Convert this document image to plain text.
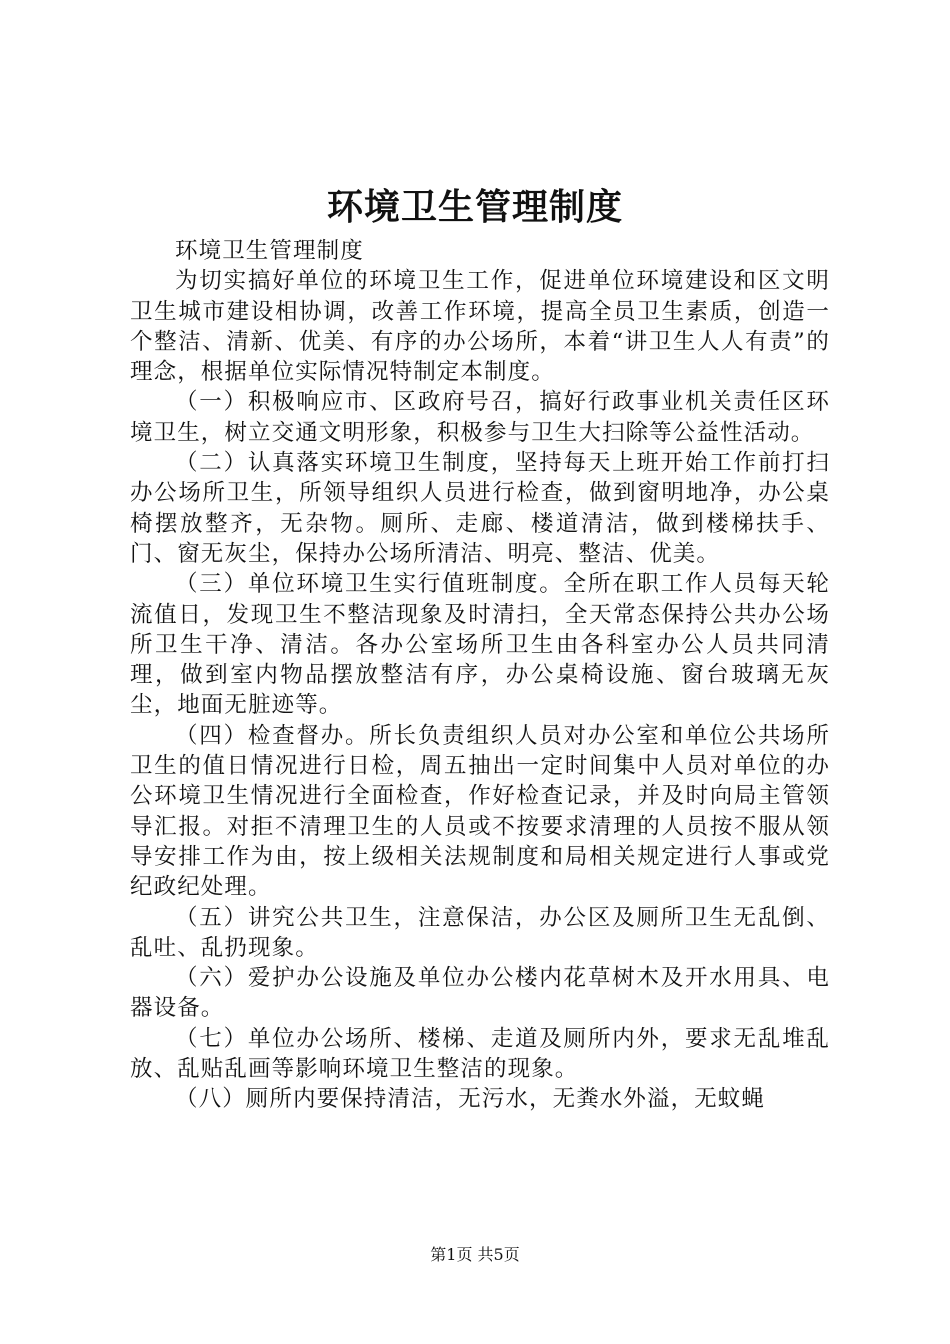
环境卫生管理制度

环境卫生管理制度

为切实搞好单位的环境卫生工作，促进单位环境建设和区文明卫生城市建设相协调，改善工作环境，提高全员卫生素质，创造一个整洁、清新、优美、有序的办公场所，本着“讲卫生人人有责”的理念，根据单位实际情况特制定本制度。

（一）积极响应市、区政府号召，搞好行政事业机关责任区环境卫生，树立交通文明形象，积极参与卫生大扫除等公益性活动。

（二）认真落实环境卫生制度，坚持每天上班开始工作前打扫办公场所卫生，所领导组织人员进行检查，做到窗明地净，办公桌椅摆放整齐，无杂物。厕所、走廊、楼道清洁，做到楼梯扶手、门、窗无灰尘，保持办公场所清洁、明亮、整洁、优美。

（三）单位环境卫生实行值班制度。全所在职工作人员每天轮流值日，发现卫生不整洁现象及时清扫，全天常态保持公共办公场所卫生干净、清洁。各办公室场所卫生由各科室办公人员共同清理，做到室内物品摆放整洁有序，办公桌椅设施、窗台玻璃无灰尘，地面无脏迹等。

（四）检查督办。所长负责组织人员对办公室和单位公共场所卫生的值日情况进行日检，周五抽出一定时间集中人员对单位的办公环境卫生情况进行全面检查，作好检查记录，并及时向局主管领导汇报。对拒不清理卫生的人员或不按要求清理的人员按不服从领导安排工作为由，按上级相关法规制度和局相关规定进行人事或党纪政纪处理。

（五）讲究公共卫生，注意保洁，办公区及厕所卫生无乱倒、乱吐、乱扔现象。

（六）爱护办公设施及单位办公楼内花草树木及开水用具、电器设备。

（七）单位办公场所、楼梯、走道及厕所内外，要求无乱堆乱放、乱贴乱画等影响环境卫生整洁的现象。

（八）厕所内要保持清洁，无污水，无粪水外溢，无蚊蝇

第1页 共5页
